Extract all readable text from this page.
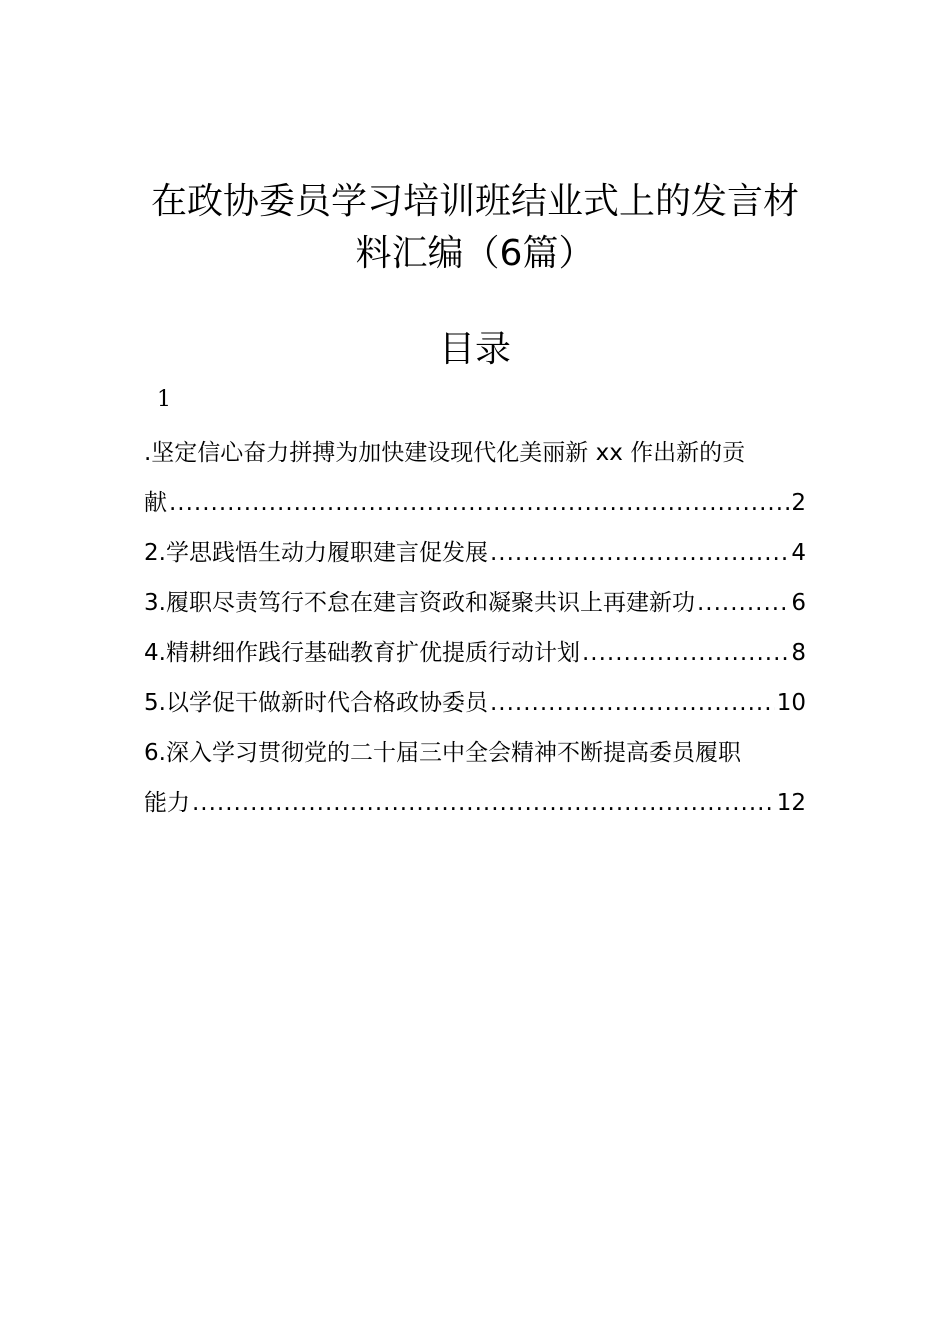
在政协委员学习培训班结业式上的发言材
料汇编（6篇）
目录
1
.坚定信心奋力拼搏为加快建设现代化美丽新 xx 作出新的贡
献 .....	2
2.学思践悟生动力履职建言促发展 .....	4
3.履职尽责笃行不怠在建言资政和凝聚共识上再建新功 .....	6
4.精耕细作践行基础教育扩优提质行动计划 .....	8
5.以学促干做新时代合格政协委员 .....	10
6.深入学习贯彻党的二十届三中全会精神不断提高委员履职
能力 .....	12
